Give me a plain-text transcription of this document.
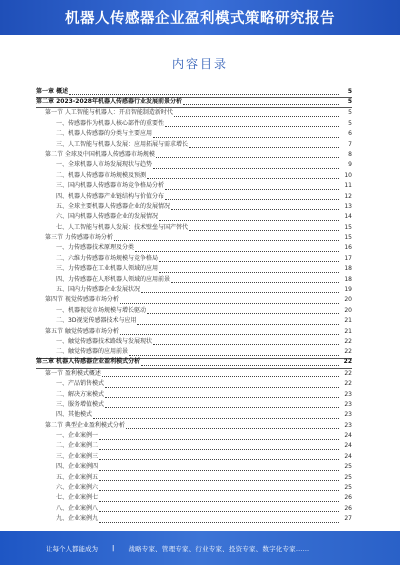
机器人传感器企业盈利模式策略研究报告
内容目录
第一章 概述	5
第二章 2023-2028年机器人传感器行业发展前景分析	5
第一节 人工智能与机器人：开启智能制造新时代	5
一、传感器作为机器人核心部件的重要性	5
二、机器人传感器的分类与主要应用	6
三、人工智能与机器人发展：应用拓展与需求增长	7
第二节 全球及中国机器人传感器市场规模	8
一、全球机器人市场发展现状与趋势	9
二、机器人传感器市场规模及预测	10
三、国内机器人传感器市场竞争格局分析	11
四、机器人传感器产业链结构与价值分布	12
五、全球主要机器人传感器企业的发展情况	13
六、国内机器人传感器企业的发展情况	14
七、人工智能与机器人发展：技术壁垒与国产替代	15
第三节 力传感器市场分析	15
一、力传感器技术原理及分类	16
二、六维力传感器市场规模与竞争格局	17
三、力传感器在工业机器人领域的应用	18
四、力传感器在人形机器人领域的应用前景	18
五、国内力传感器企业发展状况	19
第四节 视觉传感器市场分析	20
一、机器视觉市场规模与增长驱动	20
二、3D视觉传感器技术与应用	21
第五节 触觉传感器市场分析	21
一、触觉传感器技术路线与发展现状	22
二、触觉传感器的应用前景	22
第三章 机器人传感器企业盈利模式分析	22
第一节 盈利模式概述	22
一、产品销售模式	22
二、解决方案模式	23
三、服务增值模式	23
四、其他模式	23
第二节 典型企业盈利模式分析	23
一、企业案例一	24
二、企业案例二	24
三、企业案例三	24
四、企业案例四	25
五、企业案例五	25
六、企业案例六	25
七、企业案例七	26
八、企业案例八	26
九、企业案例九	27
让每个人都能成为 | 战略专家、管理专家、行业专家、投资专家、数字化专家……
